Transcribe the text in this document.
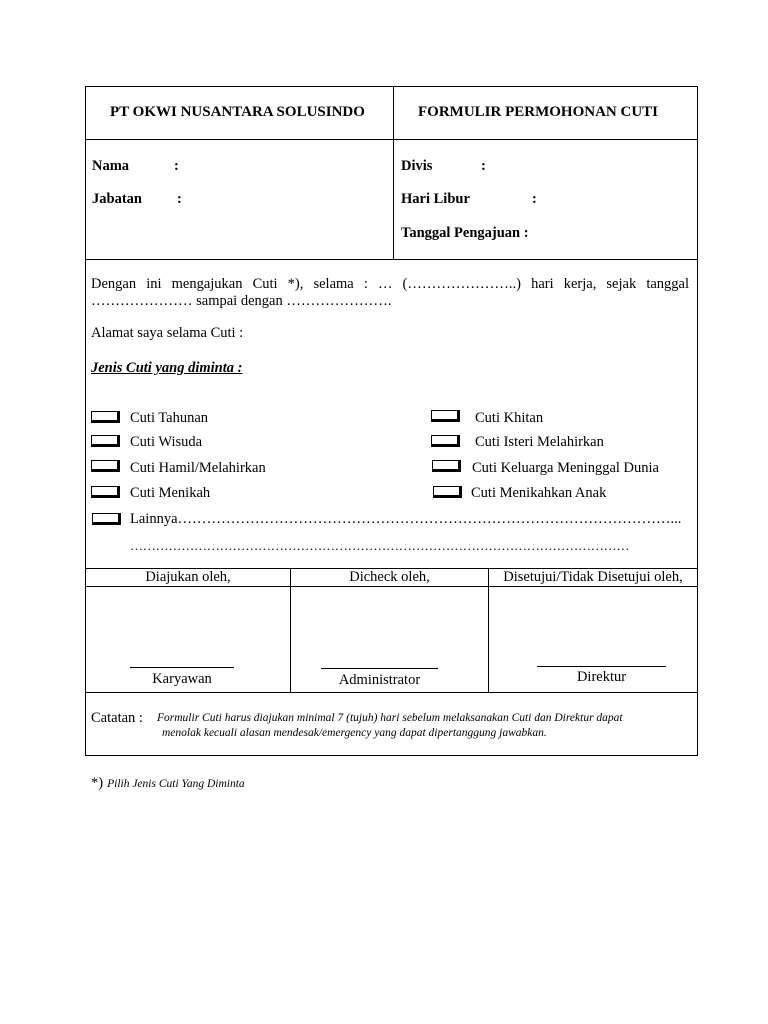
PT OKWI NUSANTARA SOLUSINDO	FORMULIR PERMOHONAN CUTI
Nama	:
Jabatan :
Divis	:
Hari Libur	:
Tanggal Pengajuan :
Dengan ini mengajukan Cuti *), selama : … (…………………..) hari kerja, sejak tanggal ………………… sampai dengan ………………….
Alamat saya selama Cuti :
Jenis Cuti yang diminta :
Cuti Tahunan
Cuti Wisuda
Cuti Hamil/Melahirkan
Cuti Menikah
Cuti Khitan
Cuti Isteri Melahirkan
Cuti Keluarga Meninggal Dunia
Cuti Menikahkan Anak
Lainnya…………………………………………………………………………………………...
………………………………………………………………………………………………………
Diajukan oleh,	Dicheck oleh,	Disetujui/Tidak Disetujui oleh,
Karyawan	Administrator	Direktur
Catatan : Formulir Cuti harus diajukan minimal 7 (tujuh) hari sebelum melaksanakan Cuti dan Direktur dapat
menolak kecuali alasan mendesak/emergency yang dapat dipertanggung jawabkan.
*) Pilih Jenis Cuti Yang Diminta
